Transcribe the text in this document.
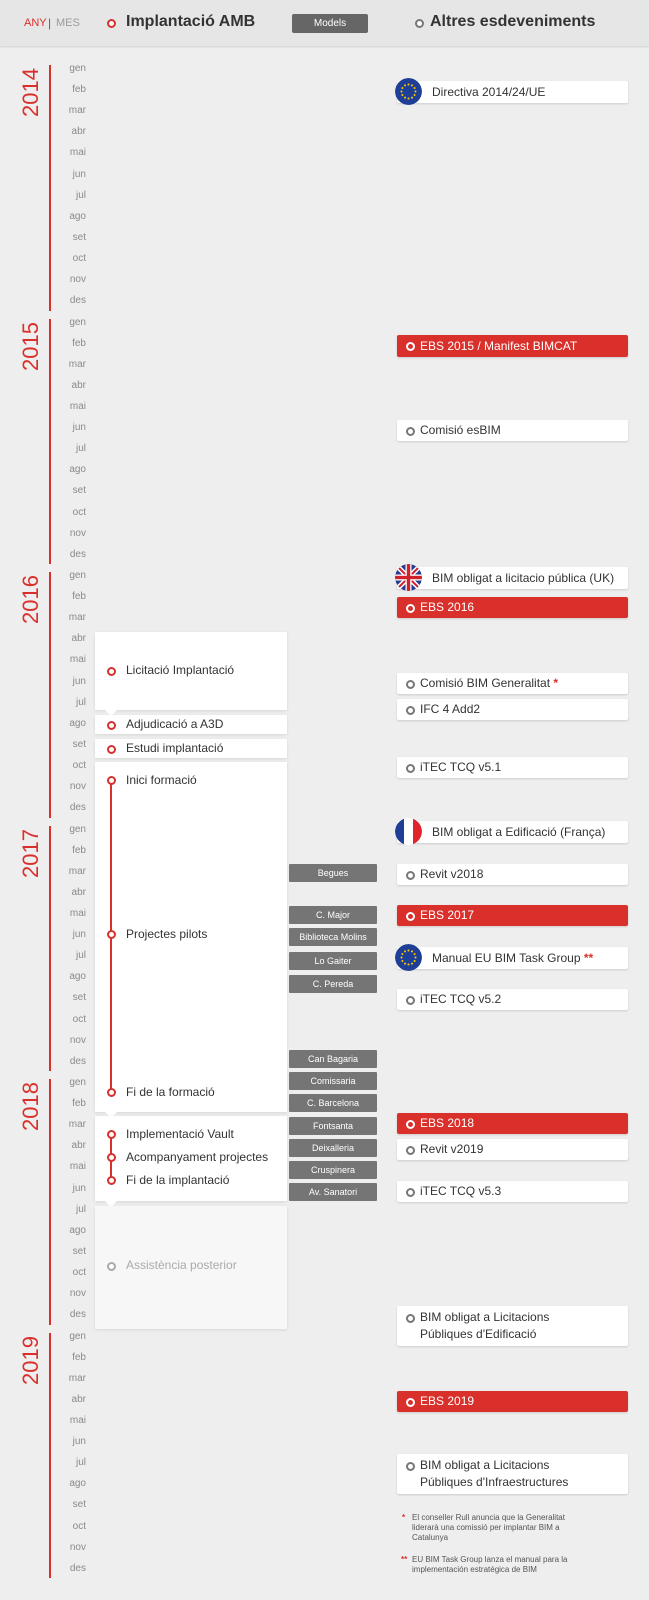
ANY | MES	Implantació AMB	Models	Altres esdeveniments
2014	gen
feb
mar
abr
mai
jun
jul
ago
set
oct
nov
des
2015	gen
feb
mar
abr
mai
jun
jul
ago
set
oct
nov
des
2016	gen
feb
mar
abr
mai
jun
jul
ago
set
oct
nov
des
2017	gen
feb
mar
abr
mai
jun
jul
ago
set
oct
nov
des
2018	gen
feb
mar
abr
mai
jun
jul
ago
set
oct
nov
des
2019	gen
feb
mar
abr
mai
jun
jul
ago
set
oct
nov
des
Licitació Implantació
Adjudicació a A3D
Estudi implantació
Inici formació
Projectes pilots
Fi de la formació
Implementació Vault
Acompanyament projectes
Fi de la implantació
Assistència posterior
Begues
C. Major
Biblioteca Molins
Lo Gaiter
C. Pereda
Can Bagaria
Comissaria
C. Barcelona
Fontsanta
Deixalleria
Cruspinera
Av. Sanatori
Directiva 2014/24/UE
EBS 2015 / Manifest BIMCAT
Comisió esBIM
BIM obligat a licitacio pública (UK)
EBS 2016
Comisió BIM Generalitat *
IFC 4 Add2
iTEC TCQ v5.1
BIM obligat a Edificació (França)
Revit v2018
EBS 2017
Manual EU BIM Task Group **
iTEC TCQ v5.2
EBS 2018
Revit v2019
iTEC TCQ v5.3
BIM obligat a Licitacions
Públiques d'Edificació
EBS 2019
BIM obligat a Licitacions
Públiques d'Infraestructures
* El conseller Rull anuncia que la Generalitat liderarà una comissió per implantar BIM a Catalunya
** EU BIM Task Group lanza el manual para la implementación estratégica de BIM
